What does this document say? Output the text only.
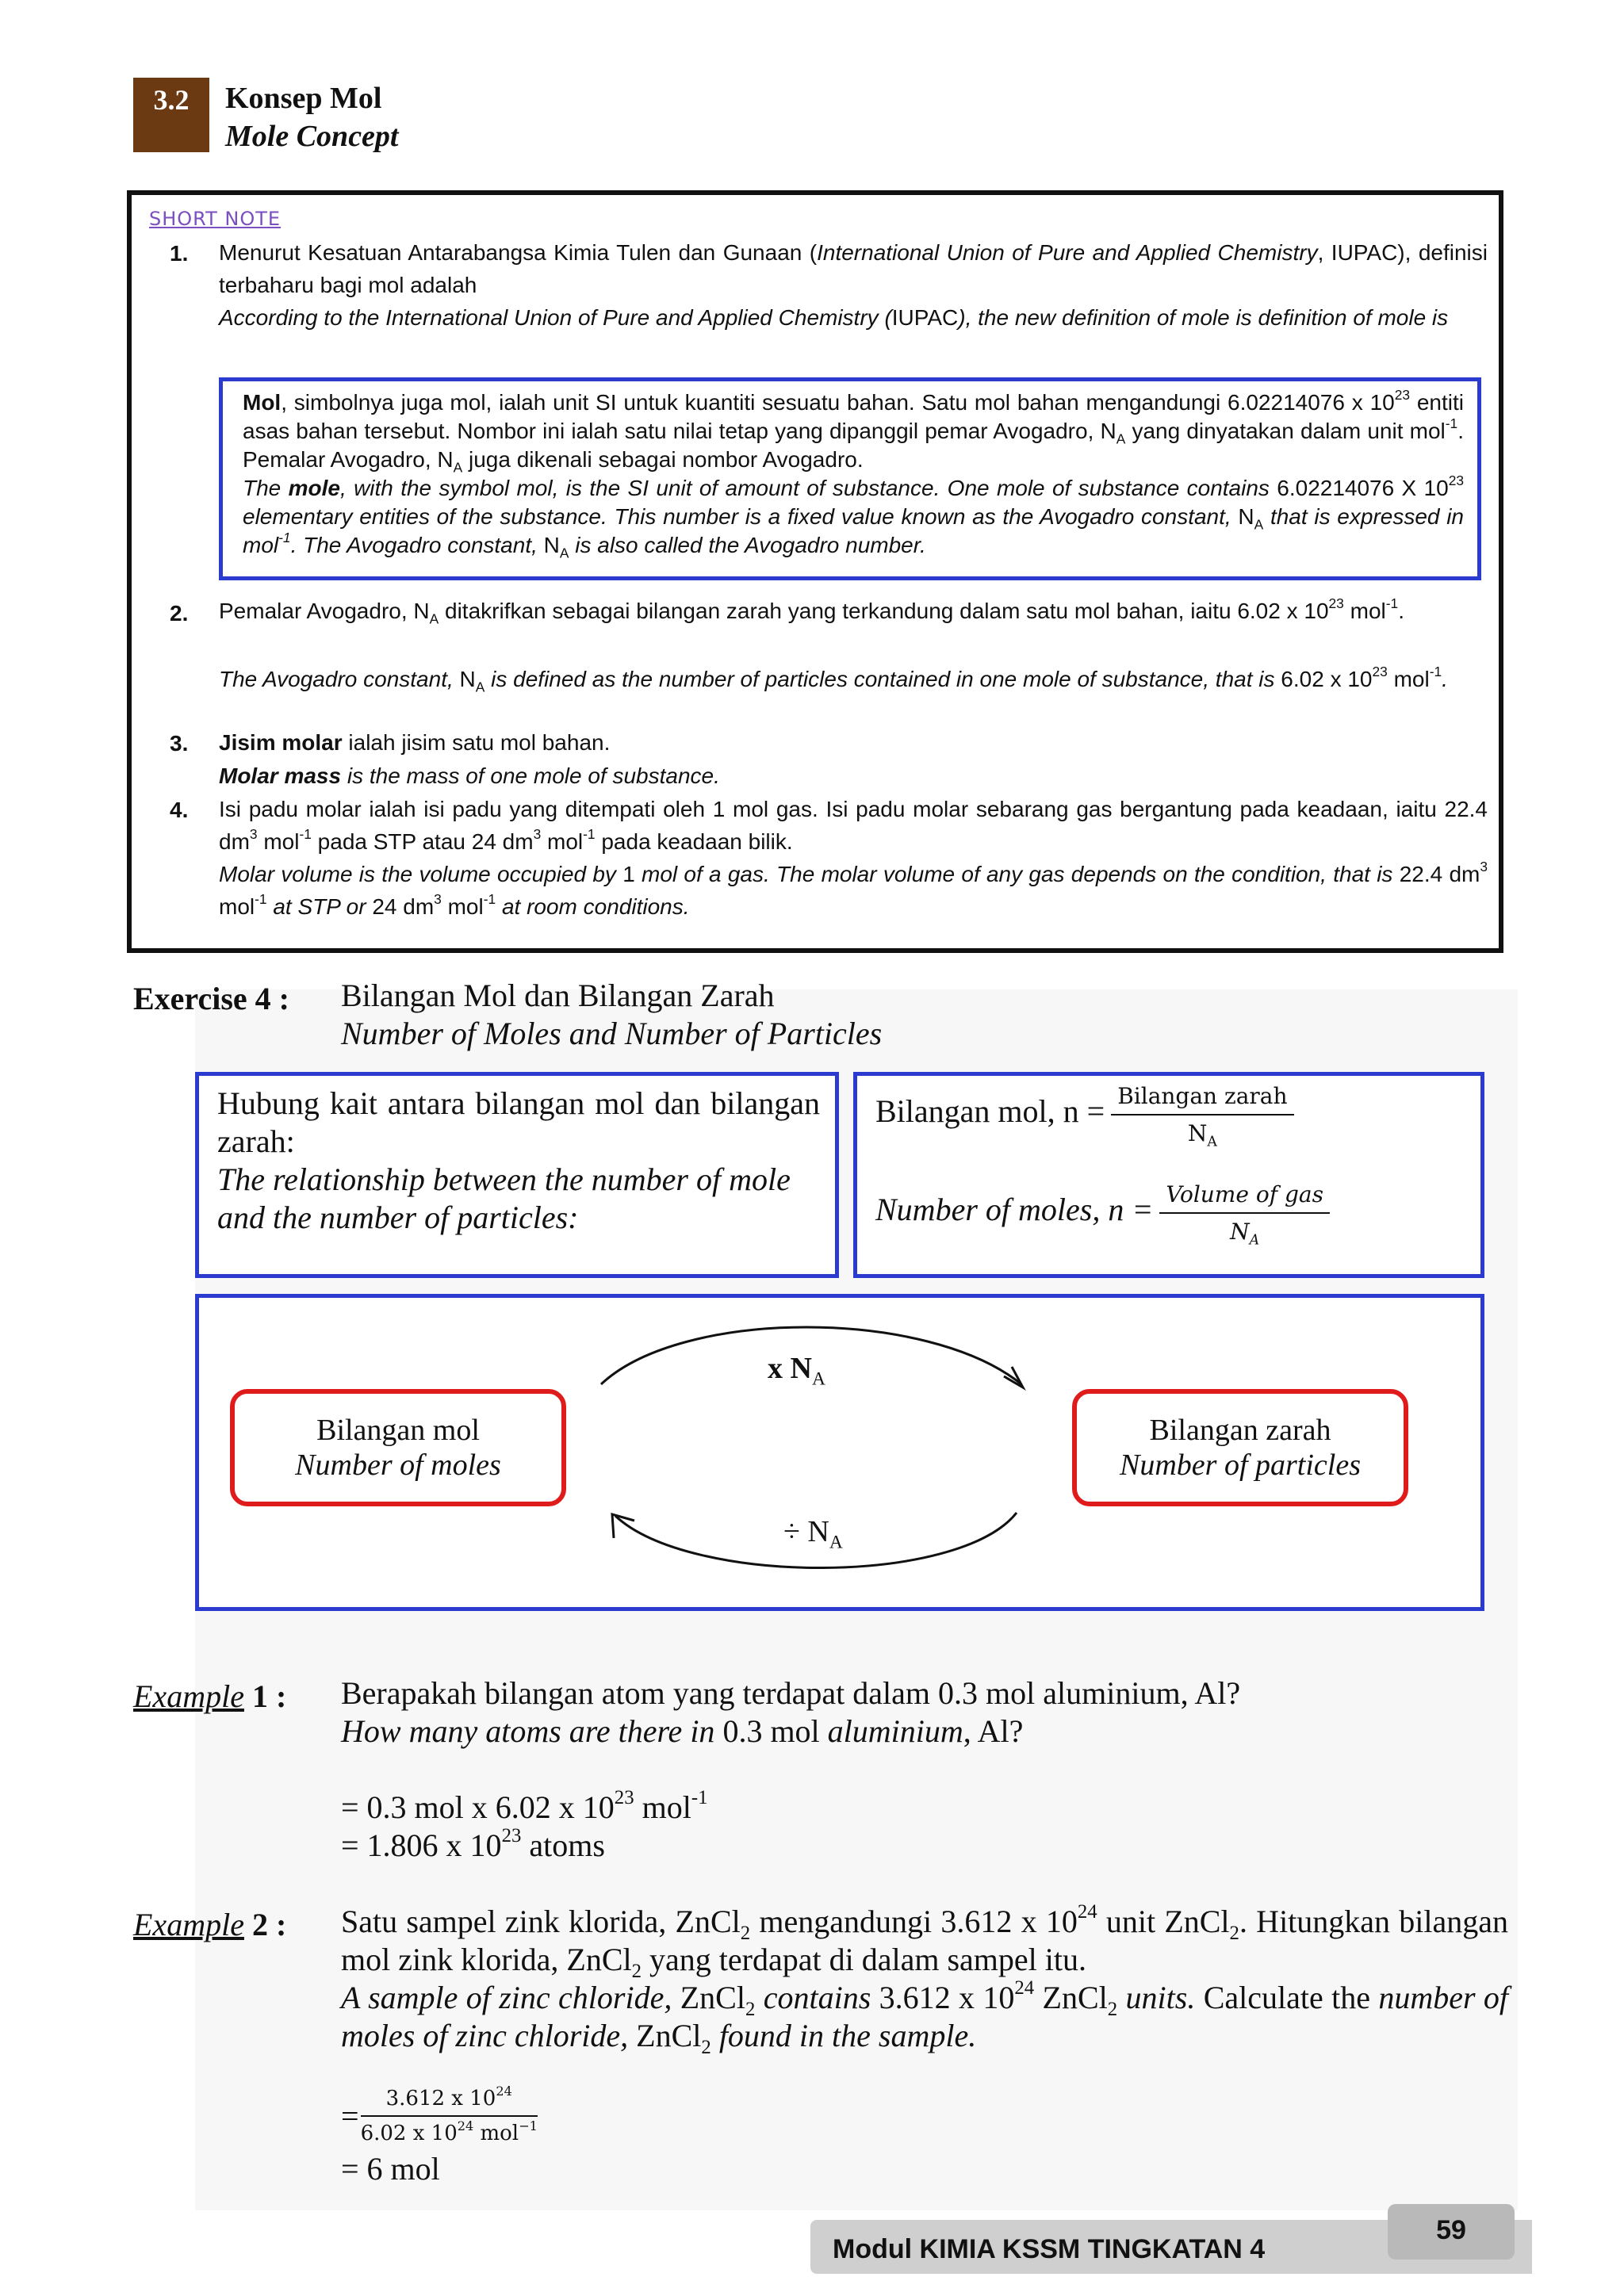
3.2	Konsep Mol
Mole Concept
SHORT NOTE
1. Menurut Kesatuan Antarabangsa Kimia Tulen dan Gunaan (International Union of Pure and Applied Chemistry, IUPAC), definisi terbaharu bagi mol adalah
According to the International Union of Pure and Applied Chemistry (IUPAC), the new definition of mole is definition of mole is
Mol, simbolnya juga mol, ialah unit SI untuk kuantiti sesuatu bahan. Satu mol bahan mengandungi 6.02214076 x $10^{23}$ entiti asas bahan tersebut. Nombor ini ialah satu nilai tetap yang dipanggil pemar Avogadro, $N_A$ yang dinyatakan dalam unit mol$^{-1}$. Pemalar Avogadro, $N_A$ juga dikenali sebagai nombor Avogadro.
The mole, with the symbol mol, is the SI unit of amount of substance. One mole of substance contains 6.02214076 X $10^{23}$ elementary entities of the substance. This number is a fixed value known as the Avogadro constant, $N_A$ that is expressed in mol$^{-1}$. The Avogadro constant, $N_A$ is also called the Avogadro number.
2. Pemalar Avogadro, $N_A$ ditakrifkan sebagai bilangan zarah yang terkandung dalam satu mol bahan, iaitu 6.02 x $10^{23}$ mol$^{-1}$.
The Avogadro constant, $N_A$ is defined as the number of particles contained in one mole of substance, that is 6.02 x $10^{23}$ mol$^{-1}$.
3. Jisim molar ialah jisim satu mol bahan.
Molar mass is the mass of one mole of substance.
4. Isi padu molar ialah isi padu yang ditempati oleh 1 mol gas. Isi padu molar sebarang gas bergantung pada keadaan, iaitu 22.4 $dm^3$ mol$^{-1}$ pada STP atau 24 $dm^3$ mol$^{-1}$ pada keadaan bilik.
Molar volume is the volume occupied by 1 mol of a gas. The molar volume of any gas depends on the condition, that is 22.4 $dm^3$ mol$^{-1}$ at STP or 24 $dm^3$ mol$^{-1}$ at room conditions.
Exercise 4 : Bilangan Mol dan Bilangan Zarah
Number of Moles and Number of Particles
Hubung kait antara bilangan mol dan bilangan zarah:
The relationship between the number of mole and the number of particles:
Bilangan mol, $n = \frac{\text{Bilangan zarah}}{N_A}$
Number of moles, $n = \frac{\text{Volume of gas}}{N_A}$
Bilangan mol
Number of moles
Bilangan zarah
Number of particles
x $N_A$
÷ $N_A$
Example 1 : Berapakah bilangan atom yang terdapat dalam 0.3 mol aluminium, Al?
How many atoms are there in 0.3 mol aluminium, Al?
= 0.3 mol x 6.02 x $10^{23}$ mol$^{-1}$
= 1.806 x $10^{23}$ atoms
Example 2 : Satu sampel zink klorida, ZnCl$_2$ mengandungi 3.612 x $10^{24}$ unit ZnCl$_2$. Hitungkan bilangan mol zink klorida, ZnCl$_2$ yang terdapat di dalam sampel itu.
A sample of zinc chloride, ZnCl$_2$ contains 3.612 x $10^{24}$ ZnCl$_2$ units. Calculate the number of moles of zinc chloride, ZnCl$_2$ found in the sample.
= $\frac{3.612 x 10^{24}}{6.02 x 10^{24} mol^{-1}}$
= 6 mol
Modul KIMIA KSSM TINGKATAN 4
59
